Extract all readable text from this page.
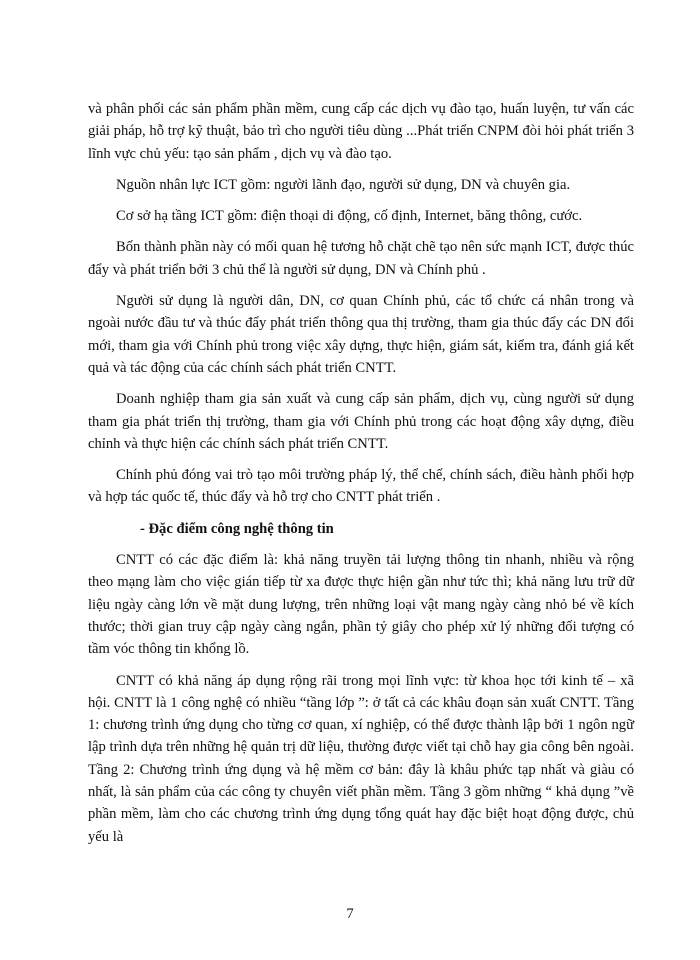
và phân phối các sản phẩm phần mềm, cung cấp các dịch vụ đào tạo, huấn luyện, tư vấn các giải pháp, hỗ trợ kỹ thuật, bảo trì cho người tiêu dùng ...Phát triển CNPM đòi hỏi phát triển 3 lĩnh vực chủ yếu: tạo sản phẩm , dịch vụ và đào tạo.

Nguồn nhân lực ICT gồm: người lãnh đạo, người sử dụng, DN và chuyên gia.

Cơ sở hạ tầng ICT gồm: điện thoại di động, cố định, Internet, băng thông, cước.

Bốn thành phần này có mối quan hệ tương hỗ chặt chẽ tạo nên sức mạnh ICT, được thúc đẩy và phát triển bởi 3 chủ thể là người sử dụng, DN và Chính phủ .

Người sử dụng là người dân, DN, cơ quan Chính phủ, các tổ chức cá nhân trong và ngoài nước đầu tư và thúc đẩy phát triển thông qua thị trường, tham gia thúc đẩy các DN đổi mới, tham gia với Chính phủ trong việc xây dựng, thực hiện, giám sát, kiểm tra, đánh giá kết quả và tác động của các chính sách phát triển CNTT.

Doanh nghiệp tham gia sản xuất và cung cấp sản phẩm, dịch vụ, cùng người sử dụng tham gia phát triển thị trường, tham gia với Chính phủ trong các hoạt động xây dựng, điều chỉnh và thực hiện các chính sách phát triển CNTT.

Chính phủ đóng vai trò tạo môi trường pháp lý, thể chế, chính sách, điều hành phối hợp và hợp tác quốc tế, thúc đẩy và hỗ trợ cho CNTT phát triển .

- Đặc điểm công nghệ thông tin

CNTT có các đặc điểm là: khả năng truyền tải lượng thông tin nhanh, nhiều và rộng theo mạng làm cho việc gián tiếp từ xa được thực hiện gần như tức thì; khả năng lưu trữ dữ liệu ngày càng lớn về mặt dung lượng, trên những loại vật mang ngày càng nhỏ bé về kích thước; thời gian truy cập ngày càng ngắn, phần tỷ giây cho phép xử lý những đối tượng có tầm vóc thông tin khổng lồ.

CNTT có khả năng áp dụng rộng rãi trong mọi lĩnh vực: từ khoa học tới kinh tế – xã hội. CNTT là 1 công nghệ có nhiều “tầng lớp ”: ở tất cả các khâu đoạn sản xuất CNTT. Tầng 1: chương trình ứng dụng cho từng cơ quan, xí nghiệp, có thể được thành lập bởi 1 ngôn ngữ lập trình dựa trên những hệ quản trị dữ liệu, thường được viết tại chỗ hay gia công bên ngoài. Tầng 2: Chương trình ứng dụng và hệ mềm cơ bản: đây là khâu phức tạp nhất và giàu có nhất, là sản phẩm của các công ty chuyên viết phần mềm. Tầng 3 gồm những “ khả dụng ”về phần mềm, làm cho các chương trình ứng dụng tổng quát hay đặc biệt hoạt động được, chủ yếu là

7
